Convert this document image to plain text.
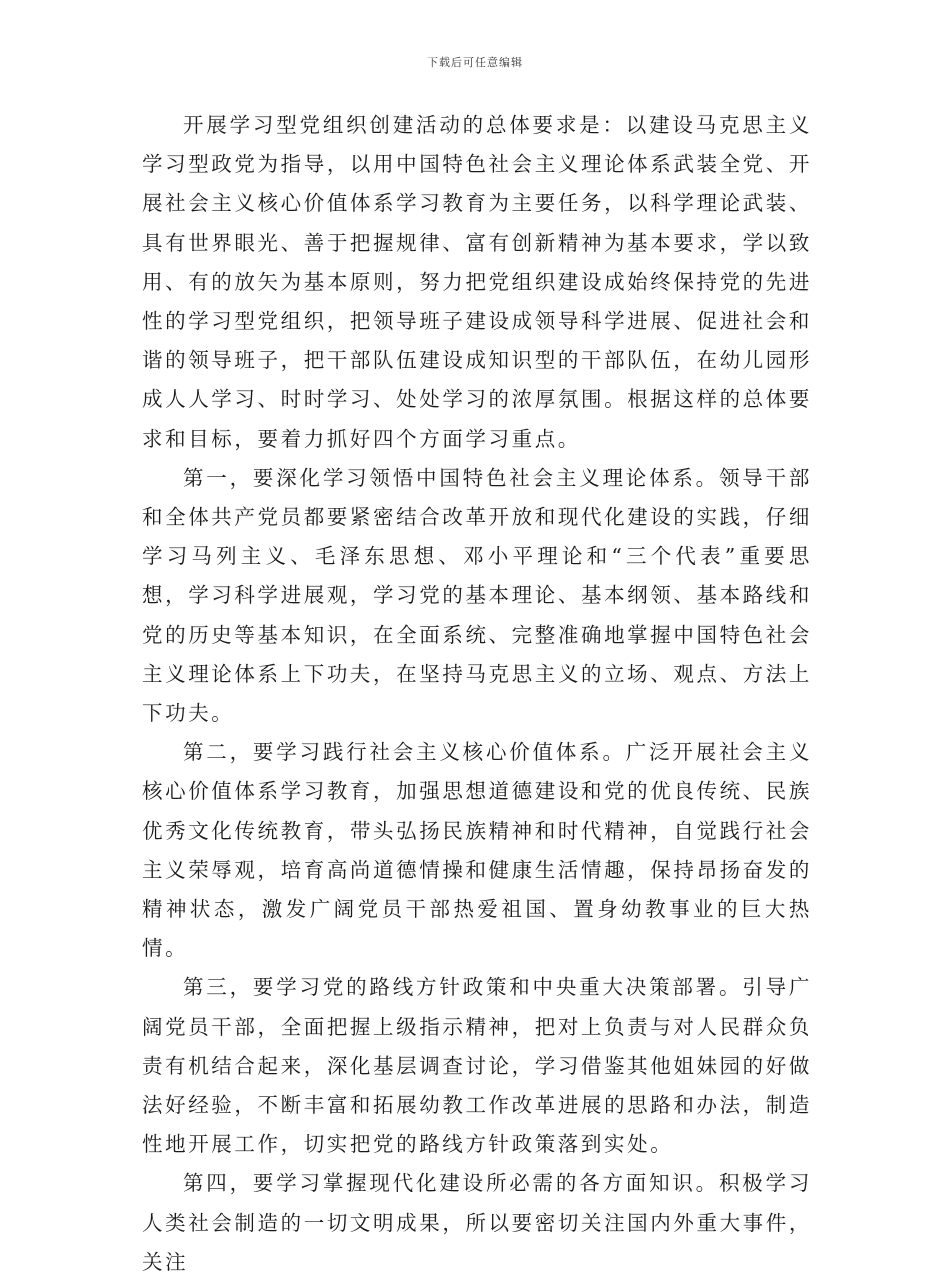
下载后可任意编辑

开展学习型党组织创建活动的总体要求是：以建设马克思主义学习型政党为指导，以用中国特色社会主义理论体系武装全党、开展社会主义核心价值体系学习教育为主要任务，以科学理论武装、具有世界眼光、善于把握规律、富有创新精神为基本要求，学以致用、有的放矢为基本原则，努力把党组织建设成始终保持党的先进性的学习型党组织，把领导班子建设成领导科学进展、促进社会和谐的领导班子，把干部队伍建设成知识型的干部队伍，在幼儿园形成人人学习、时时学习、处处学习的浓厚氛围。根据这样的总体要求和目标，要着力抓好四个方面学习重点。

第一，要深化学习领悟中国特色社会主义理论体系。领导干部和全体共产党员都要紧密结合改革开放和现代化建设的实践，仔细学习马列主义、毛泽东思想、邓小平理论和“三个代表”重要思想，学习科学进展观，学习党的基本理论、基本纲领、基本路线和党的历史等基本知识，在全面系统、完整准确地掌握中国特色社会主义理论体系上下功夫，在坚持马克思主义的立场、观点、方法上下功夫。

第二，要学习践行社会主义核心价值体系。广泛开展社会主义核心价值体系学习教育，加强思想道德建设和党的优良传统、民族优秀文化传统教育，带头弘扬民族精神和时代精神，自觉践行社会主义荣辱观，培育高尚道德情操和健康生活情趣，保持昂扬奋发的精神状态，激发广阔党员干部热爱祖国、置身幼教事业的巨大热情。

第三，要学习党的路线方针政策和中央重大决策部署。引导广阔党员干部，全面把握上级指示精神，把对上负责与对人民群众负责有机结合起来，深化基层调查讨论，学习借鉴其他姐妹园的好做法好经验，不断丰富和拓展幼教工作改革进展的思路和办法，制造性地开展工作，切实把党的路线方针政策落到实处。

第四，要学习掌握现代化建设所必需的各方面知识。积极学习人类社会制造的一切文明成果，所以要密切关注国内外重大事件，关注
